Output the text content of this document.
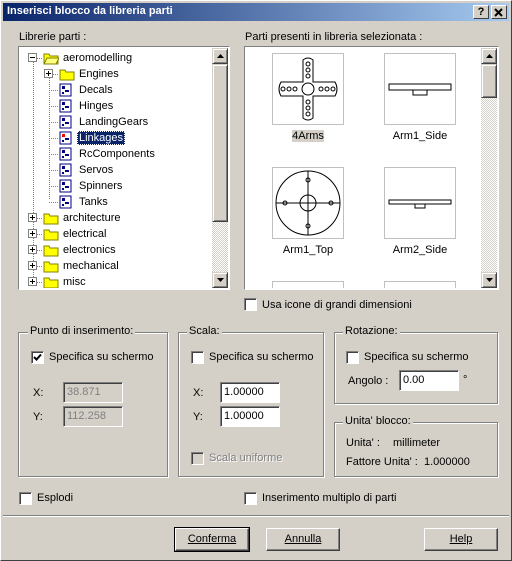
Inserisci blocco da libreria parti	?
Librerie parti :
aeromodelling
Engines
Decals
Hinges
LandingGears
Linkages
RcComponents
Servos
Spinners
Tanks
architecture
electrical
electronics
mechanical
misc
Parti presenti in libreria selezionata :
4Arms	Arm1_Side
Arm1_Top	Arm2_Side
Usa icone di grandi dimensioni
Punto di inserimento:
Specifica su schermo
X:	38.871
Y:	112.258
Scala:
Specifica su schermo
X:	1.00000
Y:	1.00000
Scala uniforme
Rotazione:
Specifica su schermo
Angolo :	0.00	°
Unita' blocco:
Unita' : millimeter
Fattore Unita' : 1.000000
Esplodi	Inserimento multiplo di parti
Conferma	Annulla	Help
